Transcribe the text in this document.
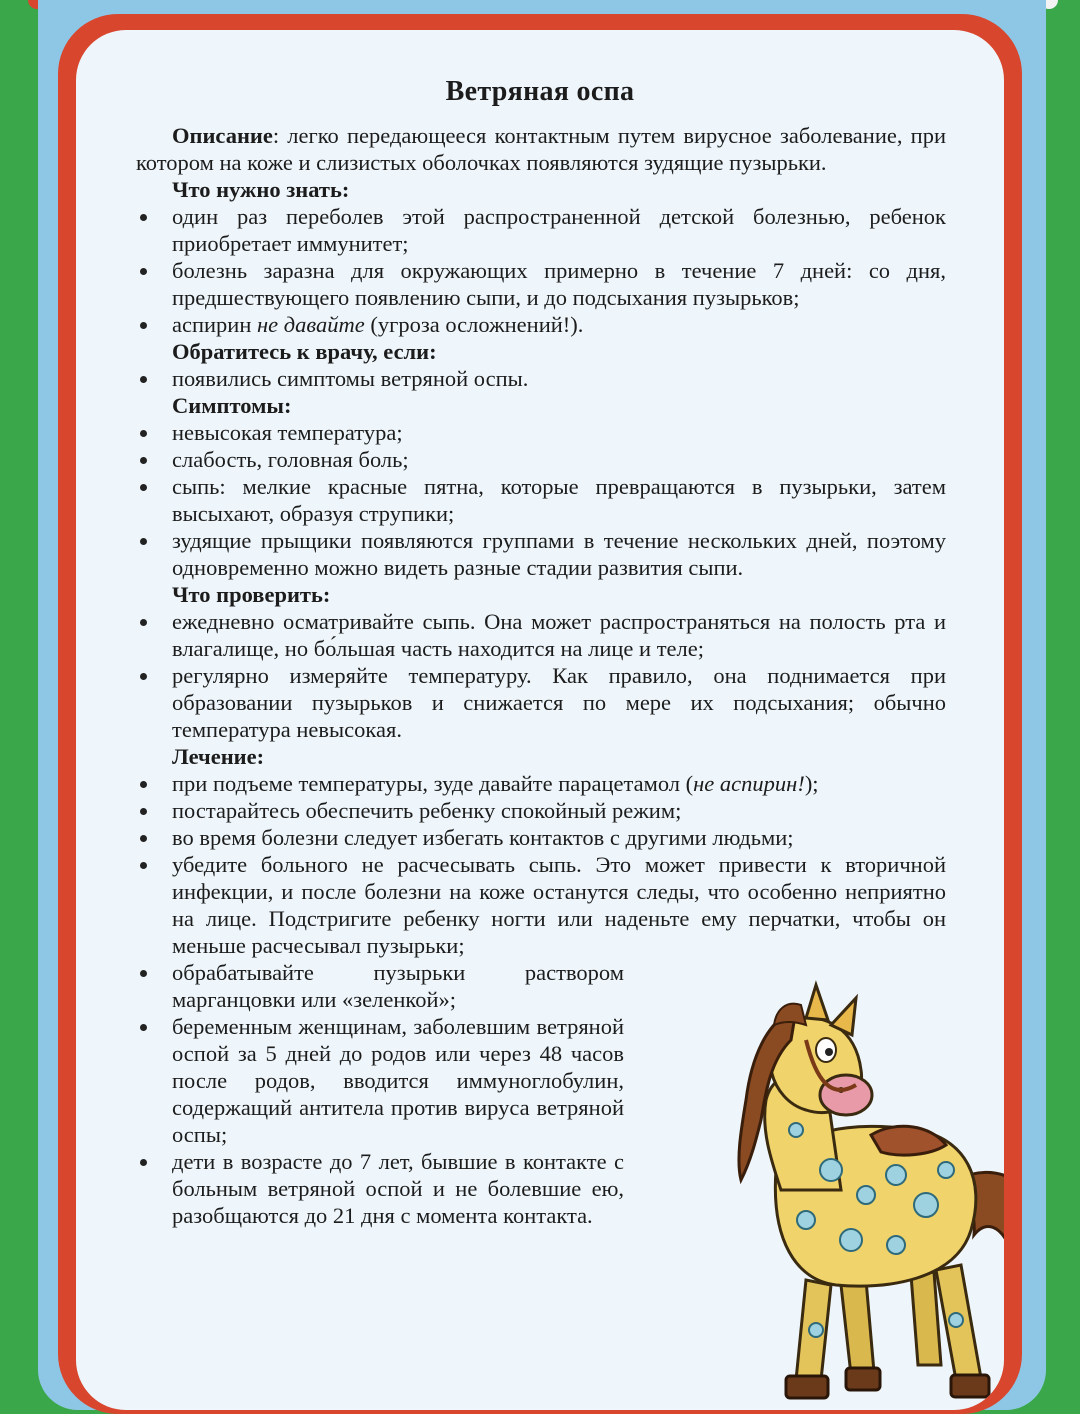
Ветряная оспа

Описание: легко передающееся контактным путем вирусное заболевание, при котором на коже и слизистых оболочках появляются зудящие пузырьки.

Что нужно знать:

один раз переболев этой распространенной детской болезнью, ребенок приобретает иммунитет;
болезнь заразна для окружающих примерно в течение 7 дней: со дня, предшествующего появлению сыпи, и до подсыхания пузырьков;
аспирин не давайте (угроза осложнений!).

Обратитесь к врачу, если:

появились симптомы ветряной оспы.

Симптомы:

невысокая температура;
слабость, головная боль;
сыпь: мелкие красные пятна, которые превращаются в пузырьки, затем высыхают, образуя струпики;
зудящие прыщики появляются группами в течение нескольких дней, поэтому одновременно можно видеть разные стадии развития сыпи.

Что проверить:

ежедневно осматривайте сыпь. Она может распространяться на полость рта и влагалище, но бо́льшая часть находится на лице и теле;
регулярно измеряйте температуру. Как правило, она поднимается при образовании пузырьков и снижается по мере их подсыхания; обычно температура невысокая.

Лечение:

при подъеме температуры, зуде давайте парацетамол (не аспирин!);
постарайтесь обеспечить ребенку спокойный режим;
во время болезни следует избегать контактов с другими людьми;
убедите больного не расчесывать сыпь. Это может привести к вторичной инфекции, и после болезни на коже останутся следы, что особенно неприятно на лице. Подстригите ребенку ногти или наденьте ему перчатки, чтобы он меньше расчесывал пузырьки;
обрабатывайте пузырьки раствором марганцовки или «зеленкой»;
беременным женщинам, заболевшим ветряной оспой за 5 дней до родов или через 48 часов после родов, вводится иммуноглобулин, содержащий антитела против вируса ветряной оспы;
дети в возрасте до 7 лет, бывшие в контакте с больным ветряной оспой и не болевшие ею, разобщаются до 21 дня с момента контакта.
